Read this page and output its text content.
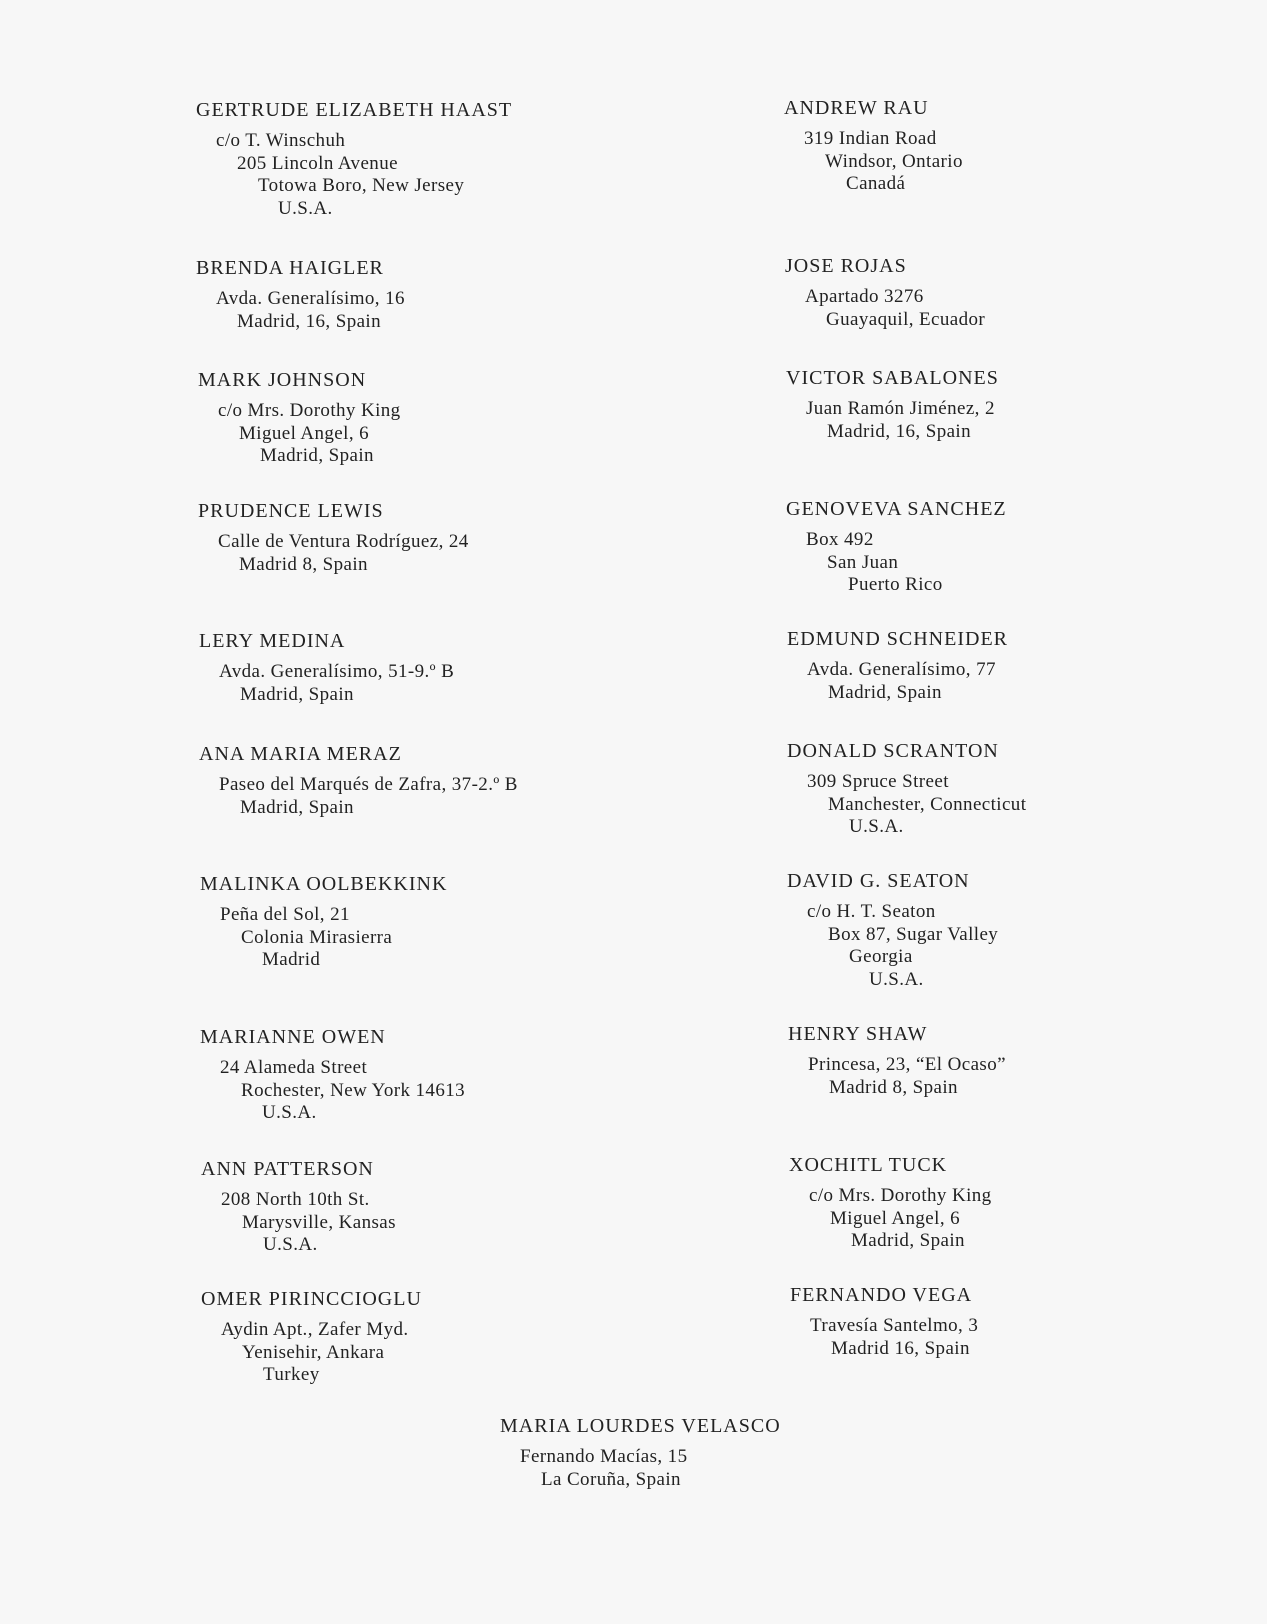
GERTRUDE ELIZABETH HAAST
c/o T. Winschuh
205 Lincoln Avenue
Totowa Boro, New Jersey
U.S.A.
BRENDA HAIGLER
Avda. Generalísimo, 16
Madrid, 16, Spain
MARK JOHNSON
c/o Mrs. Dorothy King
Miguel Angel, 6
Madrid, Spain
PRUDENCE LEWIS
Calle de Ventura Rodríguez, 24
Madrid 8, Spain
LERY MEDINA
Avda. Generalísimo, 51-9.º B
Madrid, Spain
ANA MARIA MERAZ
Paseo del Marqués de Zafra, 37-2.º B
Madrid, Spain
MALINKA OOLBEKKINK
Peña del Sol, 21
Colonia Mirasierra
Madrid
MARIANNE OWEN
24 Alameda Street
Rochester, New York 14613
U.S.A.
ANN PATTERSON
208 North 10th St.
Marysville, Kansas
U.S.A.
OMER PIRINCCIOGLU
Aydin Apt., Zafer Myd.
Yenisehir, Ankara
Turkey
ANDREW RAU
319 Indian Road
Windsor, Ontario
Canadá
JOSE ROJAS
Apartado 3276
Guayaquil, Ecuador
VICTOR SABALONES
Juan Ramón Jiménez, 2
Madrid, 16, Spain
GENOVEVA SANCHEZ
Box 492
San Juan
Puerto Rico
EDMUND SCHNEIDER
Avda. Generalísimo, 77
Madrid, Spain
DONALD SCRANTON
309 Spruce Street
Manchester, Connecticut
U.S.A.
DAVID G. SEATON
c/o H. T. Seaton
Box 87, Sugar Valley
Georgia
U.S.A.
HENRY SHAW
Princesa, 23, “El Ocaso”
Madrid 8, Spain
XOCHITL TUCK
c/o Mrs. Dorothy King
Miguel Angel, 6
Madrid, Spain
FERNANDO VEGA
Travesía Santelmo, 3
Madrid 16, Spain
MARIA LOURDES VELASCO
Fernando Macías, 15
La Coruña, Spain
